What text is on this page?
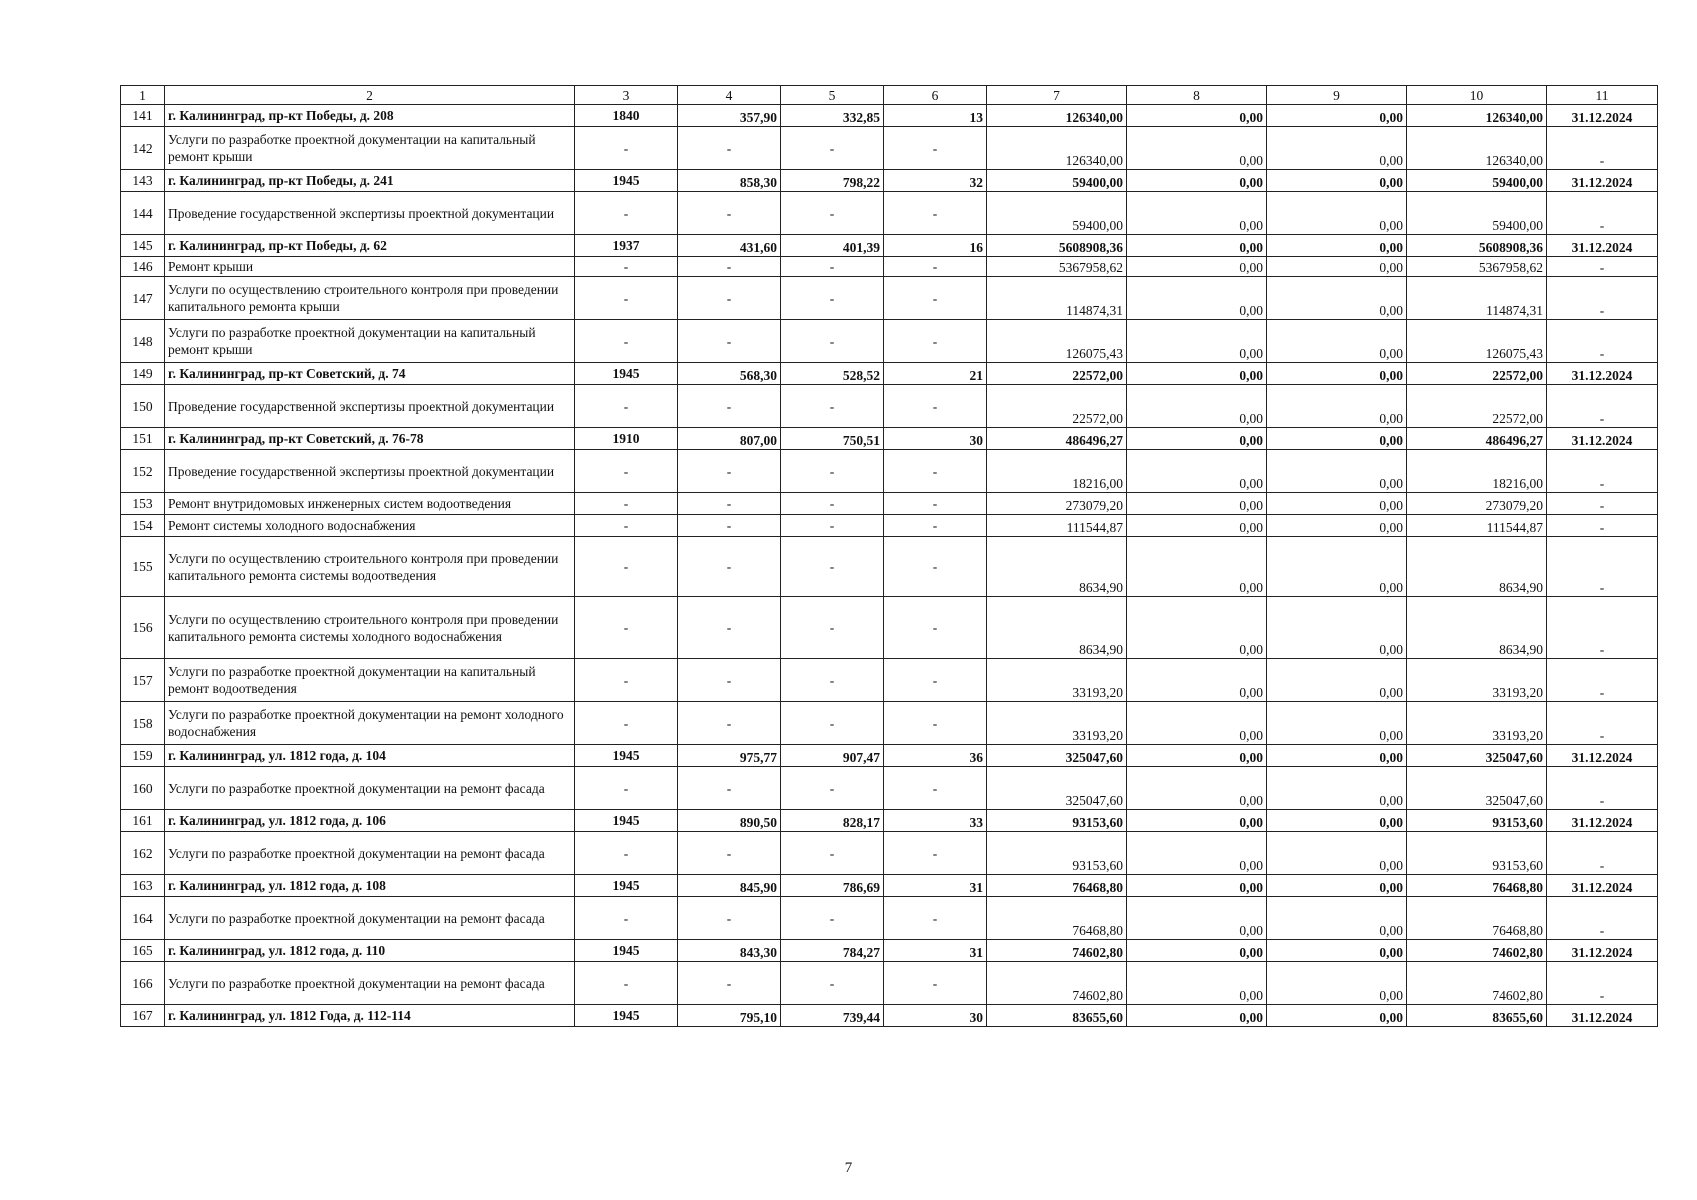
1	2	3	4	5	6	7	8	9	10	11
141	г. Калининград, пр-кт Победы, д. 208	1840	357,90	332,85	13	126340,00	0,00	0,00	126340,00	31.12.2024
142	Услуги по разработке проектной документации на капитальный ремонт крыши	-	-	-	-	126340,00	0,00	0,00	126340,00	-
143	г. Калининград, пр-кт Победы, д. 241	1945	858,30	798,22	32	59400,00	0,00	0,00	59400,00	31.12.2024
144	Проведение государственной экспертизы проектной документации	-	-	-	-	59400,00	0,00	0,00	59400,00	-
145	г. Калининград, пр-кт Победы, д. 62	1937	431,60	401,39	16	5608908,36	0,00	0,00	5608908,36	31.12.2024
146	Ремонт крыши	-	-	-	-	5367958,62	0,00	0,00	5367958,62	-
147	Услуги по осуществлению строительного контроля при проведении капитального ремонта крыши	-	-	-	-	114874,31	0,00	0,00	114874,31	-
148	Услуги по разработке проектной документации на капитальный ремонт крыши	-	-	-	-	126075,43	0,00	0,00	126075,43	-
149	г. Калининград, пр-кт Советский, д. 74	1945	568,30	528,52	21	22572,00	0,00	0,00	22572,00	31.12.2024
150	Проведение государственной экспертизы проектной документации	-	-	-	-	22572,00	0,00	0,00	22572,00	-
151	г. Калининград, пр-кт Советский, д. 76-78	1910	807,00	750,51	30	486496,27	0,00	0,00	486496,27	31.12.2024
152	Проведение государственной экспертизы проектной документации	-	-	-	-	18216,00	0,00	0,00	18216,00	-
153	Ремонт внутридомовых инженерных систем водоотведения	-	-	-	-	273079,20	0,00	0,00	273079,20	-
154	Ремонт системы холодного водоснабжения	-	-	-	-	111544,87	0,00	0,00	111544,87	-
155	Услуги по осуществлению строительного контроля при проведении капитального ремонта системы водоотведения	-	-	-	-	8634,90	0,00	0,00	8634,90	-
156	Услуги по осуществлению строительного контроля при проведении капитального ремонта системы холодного водоснабжения	-	-	-	-	8634,90	0,00	0,00	8634,90	-
157	Услуги по разработке проектной документации на капитальный ремонт водоотведения	-	-	-	-	33193,20	0,00	0,00	33193,20	-
158	Услуги по разработке проектной документации на ремонт холодного водоснабжения	-	-	-	-	33193,20	0,00	0,00	33193,20	-
159	г. Калининград, ул. 1812 года, д. 104	1945	975,77	907,47	36	325047,60	0,00	0,00	325047,60	31.12.2024
160	Услуги по разработке проектной документации на ремонт фасада	-	-	-	-	325047,60	0,00	0,00	325047,60	-
161	г. Калининград, ул. 1812 года, д. 106	1945	890,50	828,17	33	93153,60	0,00	0,00	93153,60	31.12.2024
162	Услуги по разработке проектной документации на ремонт фасада	-	-	-	-	93153,60	0,00	0,00	93153,60	-
163	г. Калининград, ул. 1812 года, д. 108	1945	845,90	786,69	31	76468,80	0,00	0,00	76468,80	31.12.2024
164	Услуги по разработке проектной документации на ремонт фасада	-	-	-	-	76468,80	0,00	0,00	76468,80	-
165	г. Калининград, ул. 1812 года, д. 110	1945	843,30	784,27	31	74602,80	0,00	0,00	74602,80	31.12.2024
166	Услуги по разработке проектной документации на ремонт фасада	-	-	-	-	74602,80	0,00	0,00	74602,80	-
167	г. Калининград, ул. 1812 Года, д. 112-114	1945	795,10	739,44	30	83655,60	0,00	0,00	83655,60	31.12.2024
7
